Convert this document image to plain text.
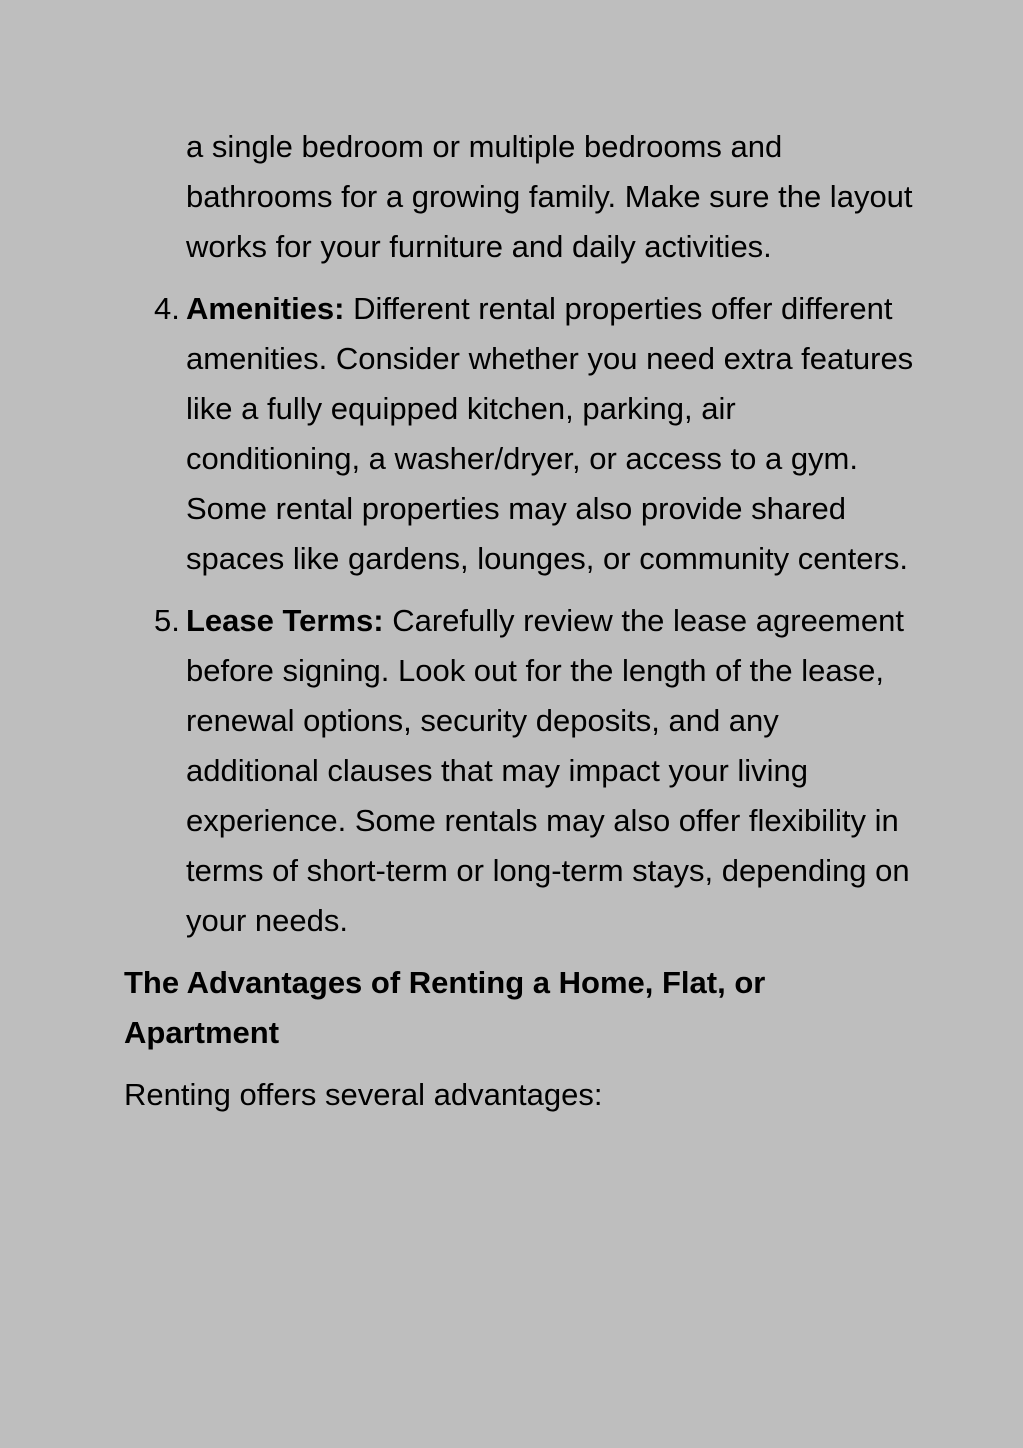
a single bedroom or multiple bedrooms and bathrooms for a growing family. Make sure the layout works for your furniture and daily activities.

4. Amenities: Different rental properties offer different amenities. Consider whether you need extra features like a fully equipped kitchen, parking, air conditioning, a washer/dryer, or access to a gym. Some rental properties may also provide shared spaces like gardens, lounges, or community centers.
5. Lease Terms: Carefully review the lease agreement before signing. Look out for the length of the lease, renewal options, security deposits, and any additional clauses that may impact your living experience. Some rentals may also offer flexibility in terms of short-term or long-term stays, depending on your needs.
The Advantages of Renting a Home, Flat, or Apartment

Renting offers several advantages:
